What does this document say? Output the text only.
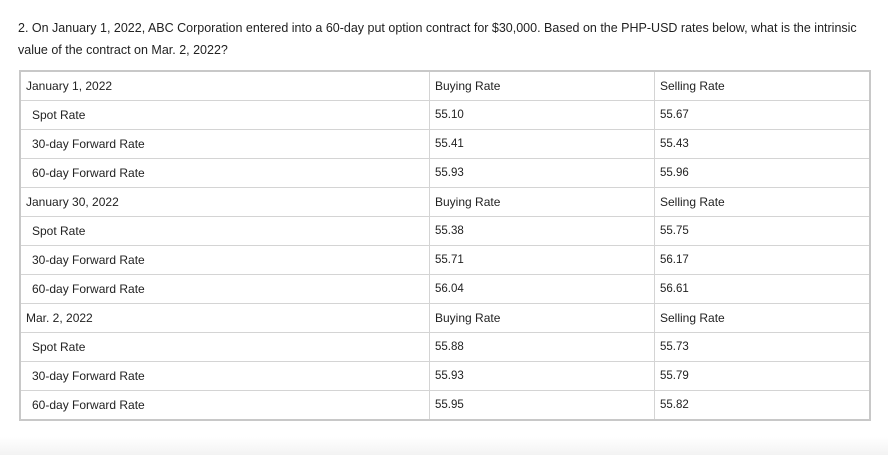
2. On January 1, 2022, ABC Corporation entered into a 60-day put option contract for $30,000. Based on the PHP-USD rates below, what is the intrinsic value of the contract on Mar. 2, 2022?
January 1, 2022	Buying Rate	Selling Rate
Spot Rate	55.10	55.67
30-day Forward Rate	55.41	55.43
60-day Forward Rate	55.93	55.96
January 30, 2022	Buying Rate	Selling Rate
Spot Rate	55.38	55.75
30-day Forward Rate	55.71	56.17
60-day Forward Rate	56.04	56.61
Mar. 2, 2022	Buying Rate	Selling Rate
Spot Rate	55.88	55.73
30-day Forward Rate	55.93	55.79
60-day Forward Rate	55.95	55.82
